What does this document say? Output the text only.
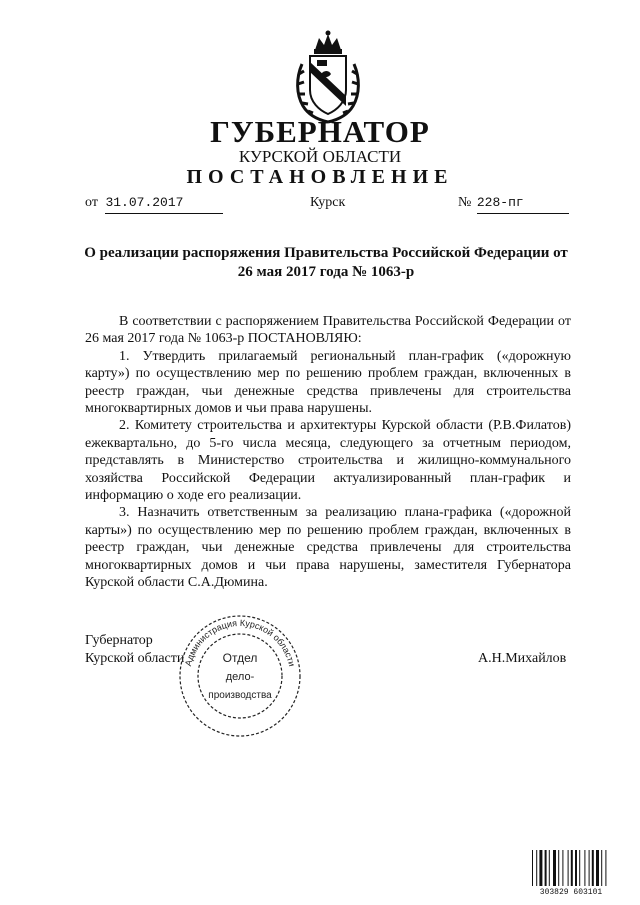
ГУБЕРНАТОР
КУРСКОЙ ОБЛАСТИ
ПОСТАНОВЛЕНИЕ
от 31.07.2017	Курск	№ 228-пг
О реализации распоряжения Правительства Российской Федерации от
26 мая 2017 года № 1063-р

В соответствии с распоряжением Правительства Российской Федерации от 26 мая 2017 года № 1063-р ПОСТАНОВЛЯЮ:

1. Утвердить прилагаемый региональный план-график («дорожную карту») по осуществлению мер по решению проблем граждан, включенных в реестр граждан, чьи денежные средства привлечены для строительства многоквартирных домов и чьи права нарушены.

2. Комитету строительства и архитектуры Курской области (Р.В.Филатов) ежеквартально, до 5-го числа месяца, следующего за отчетным периодом, представлять в Министерство строительства и жилищно-коммунального хозяйства Российской Федерации актуализированный план-график и информацию о ходе его реализации.

3. Назначить ответственным за реализацию плана-графика («дорожной карты») по осуществлению мер по решению проблем граждан, включенных в реестр граждан, чьи денежные средства привлечены для строительства многоквартирных домов и чьи права нарушены, заместителя Губернатора Курской области С.А.Дюмина.

Губернатор
Курской области	А.Н.Михайлов
Администрация Курской области
Отдел
дело-
производства
303829 603101
